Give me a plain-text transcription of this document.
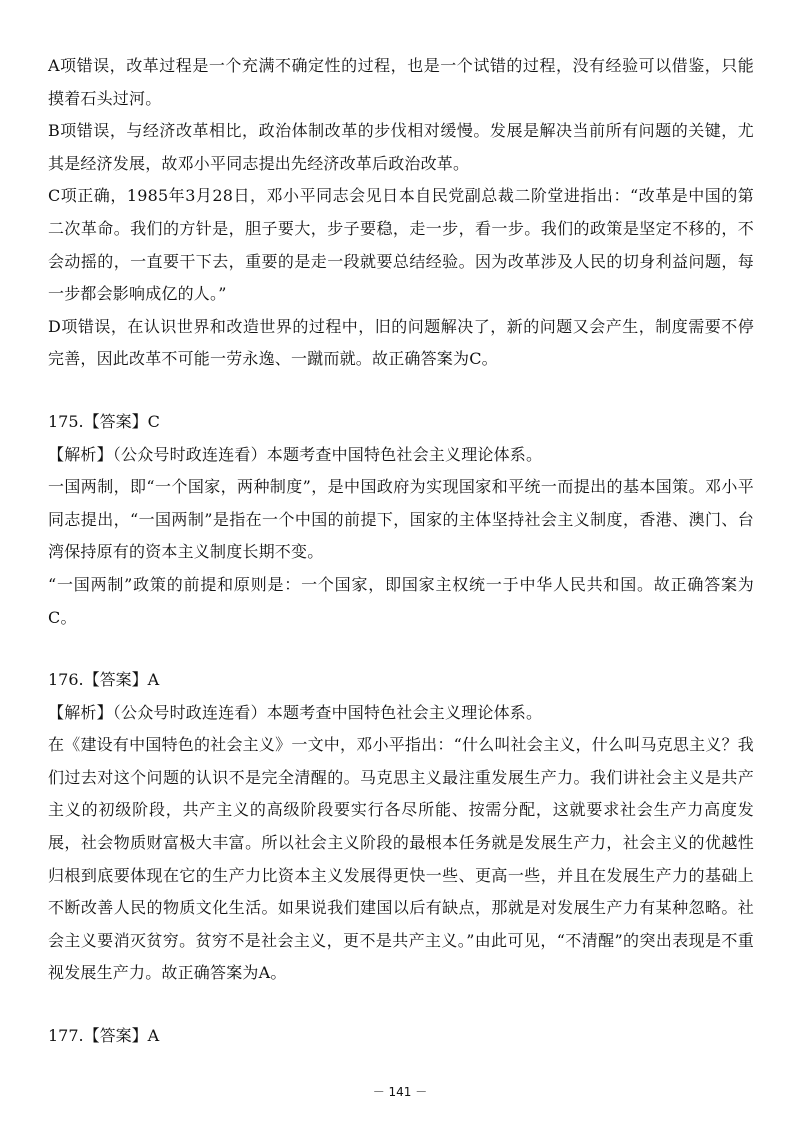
A项错误，改革过程是一个充满不确定性的过程，也是一个试错的过程，没有经验可以借鉴，只能摸着石头过河。

B项错误，与经济改革相比，政治体制改革的步伐相对缓慢。发展是解决当前所有问题的关键，尤其是经济发展，故邓小平同志提出先经济改革后政治改革。

C项正确，1985年3月28日，邓小平同志会见日本自民党副总裁二阶堂进指出：“改革是中国的第二次革命。我们的方针是，胆子要大，步子要稳，走一步，看一步。我们的政策是坚定不移的，不会动摇的，一直要干下去，重要的是走一段就要总结经验。因为改革涉及人民的切身利益问题，每一步都会影响成亿的人。”

D项错误，在认识世界和改造世界的过程中，旧的问题解决了，新的问题又会产生，制度需要不停完善，因此改革不可能一劳永逸、一蹴而就。故正确答案为C。

175.【答案】C

【解析】（公众号时政连连看）本题考查中国特色社会主义理论体系。

一国两制，即“一个国家，两种制度”，是中国政府为实现国家和平统一而提出的基本国策。邓小平同志提出，“一国两制”是指在一个中国的前提下，国家的主体坚持社会主义制度，香港、澳门、台湾保持原有的资本主义制度长期不变。

“一国两制”政策的前提和原则是：一个国家，即国家主权统一于中华人民共和国。故正确答案为C。

176.【答案】A

【解析】（公众号时政连连看）本题考查中国特色社会主义理论体系。

在《建设有中国特色的社会主义》一文中，邓小平指出：“什么叫社会主义，什么叫马克思主义？我们过去对这个问题的认识不是完全清醒的。马克思主义最注重发展生产力。我们讲社会主义是共产主义的初级阶段，共产主义的高级阶段要实行各尽所能、按需分配，这就要求社会生产力高度发展，社会物质财富极大丰富。所以社会主义阶段的最根本任务就是发展生产力，社会主义的优越性归根到底要体现在它的生产力比资本主义发展得更快一些、更高一些，并且在发展生产力的基础上不断改善人民的物质文化生活。如果说我们建国以后有缺点，那就是对发展生产力有某种忽略。社会主义要消灭贫穷。贫穷不是社会主义，更不是共产主义。”由此可见，“不清醒”的突出表现是不重视发展生产力。故正确答案为A。

177.【答案】A

－ 141 －
